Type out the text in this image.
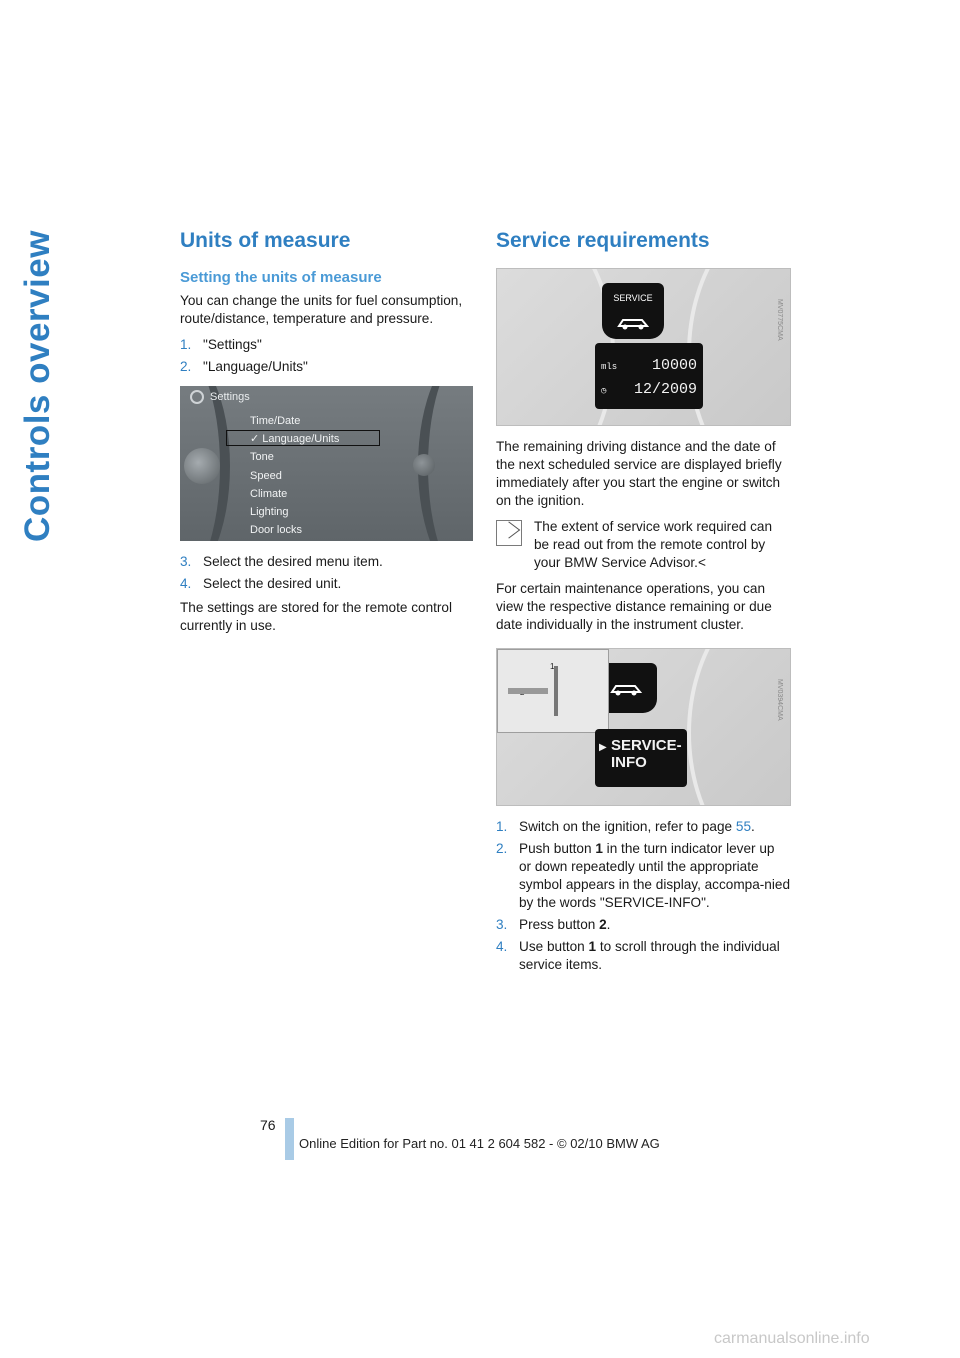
Controls overview	Units of measure
Setting the units of measure

You can change the units for fuel consumption, route/distance, temperature and pressure.

1. "Settings"
2. "Language/Units"
Settings
Time/Date
✓ Language/Units
Tone
Speed
Climate
Lighting
Door locks
3. Select the desired menu item.
4. Select the desired unit.

The settings are stored for the remote control currently in use.

Service requirements
SERVICE
mls 10000
◷ 12/2009
MV0775CMA

The remaining driving distance and the date of the next scheduled service are displayed briefly immediately after you start the engine or switch on the ignition.

The extent of service work required can be read out from the remote control by your BMW Service Advisor.<

For certain maintenance operations, you can view the respective distance remaining or due date individually in the instrument cluster.

1
▶ SERVICE-
INFO
MV0394CMA
1. Switch on the ignition, refer to page 55.
2. Push button 1 in the turn indicator lever up or down repeatedly until the appropriate symbol appears in the display, accompa-nied by the words "SERVICE-INFO".
3. Press button 2.
4. Use button 1 to scroll through the individual service items.
76
Online Edition for Part no. 01 41 2 604 582 - © 02/10 BMW AG
carmanualsonline.info
